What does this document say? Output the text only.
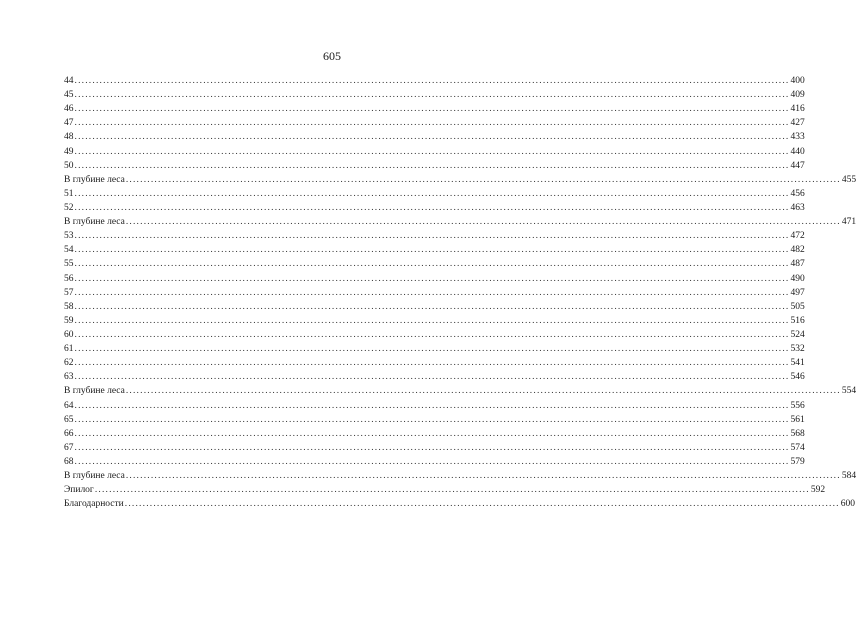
605
44 ........................................................................................................................................................................................................ 400
45 ........................................................................................................................................................................................................ 409
46 ........................................................................................................................................................................................................ 416
47 ........................................................................................................................................................................................................ 427
48 ........................................................................................................................................................................................................ 433
49 ........................................................................................................................................................................................................ 440
50 ........................................................................................................................................................................................................ 447
В глубине леса ........................................................................................................................................................................................................ 455
51 ........................................................................................................................................................................................................ 456
52 ........................................................................................................................................................................................................ 463
В глубине леса ........................................................................................................................................................................................................ 471
53 ........................................................................................................................................................................................................ 472
54 ........................................................................................................................................................................................................ 482
55 ........................................................................................................................................................................................................ 487
56 ........................................................................................................................................................................................................ 490
57 ........................................................................................................................................................................................................ 497
58 ........................................................................................................................................................................................................ 505
59 ........................................................................................................................................................................................................ 516
60 ........................................................................................................................................................................................................ 524
61 ........................................................................................................................................................................................................ 532
62 ........................................................................................................................................................................................................ 541
63 ........................................................................................................................................................................................................ 546
В глубине леса ........................................................................................................................................................................................................ 554
64 ........................................................................................................................................................................................................ 556
65 ........................................................................................................................................................................................................ 561
66 ........................................................................................................................................................................................................ 568
67 ........................................................................................................................................................................................................ 574
68 ........................................................................................................................................................................................................ 579
В глубине леса ........................................................................................................................................................................................................ 584
Эпилог ........................................................................................................................................................................................................ 592
Благодарности ........................................................................................................................................................................................................ 600
